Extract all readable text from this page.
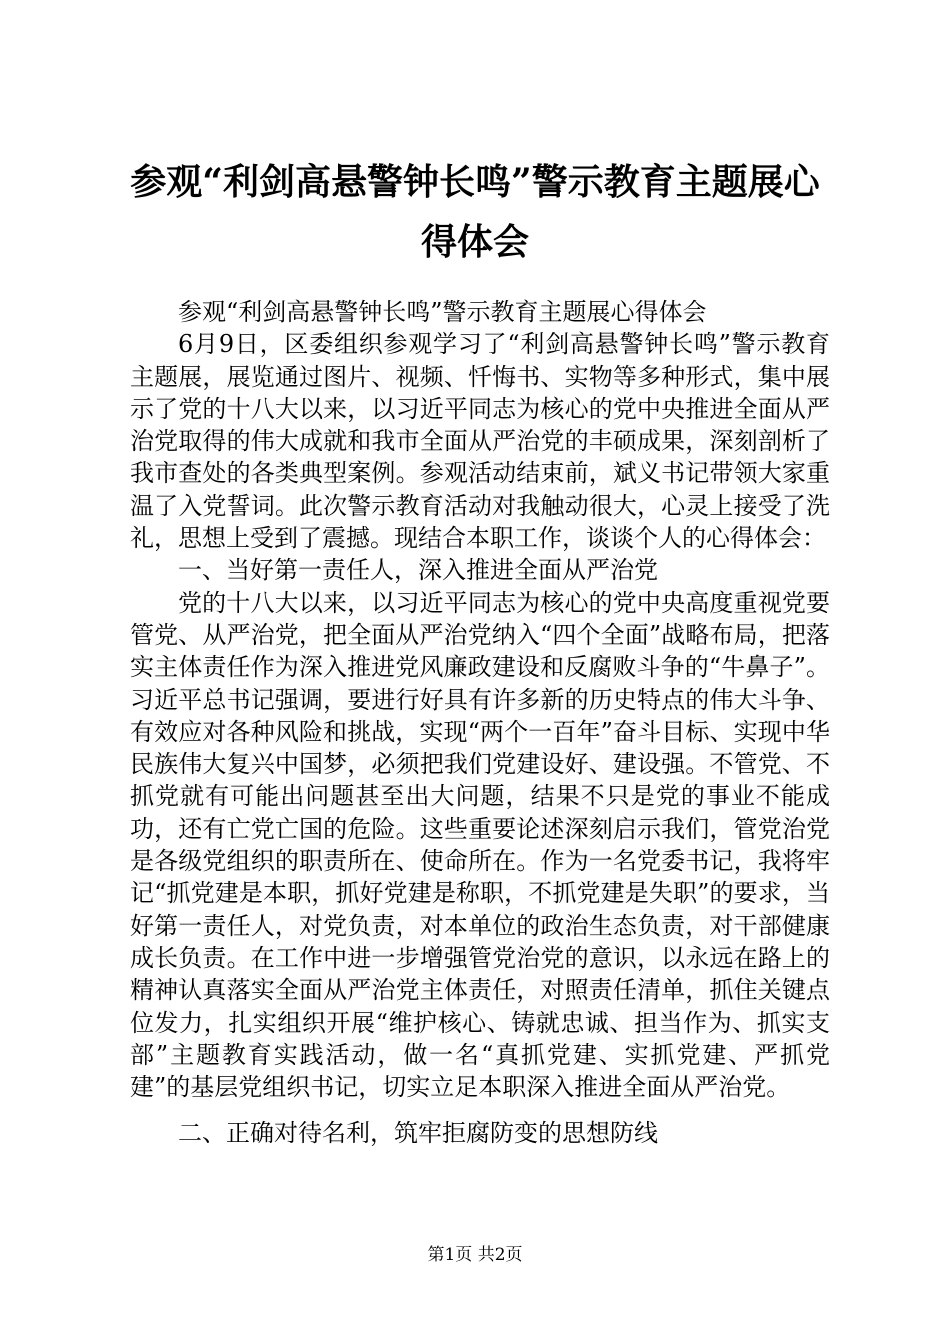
参观“利剑高悬警钟长鸣”警示教育主题展心
得体会

参观“利剑高悬警钟长鸣”警示教育主题展心得体会

6月9日，区委组织参观学习了“利剑高悬警钟长鸣”警示教育主题展，展览通过图片、视频、忏悔书、实物等多种形式，集中展示了党的十八大以来，以习近平同志为核心的党中央推进全面从严治党取得的伟大成就和我市全面从严治党的丰硕成果，深刻剖析了我市查处的各类典型案例。参观活动结束前，斌义书记带领大家重温了入党誓词。此次警示教育活动对我触动很大，心灵上接受了洗礼，思想上受到了震撼。现结合本职工作，谈谈个人的心得体会：

一、当好第一责任人，深入推进全面从严治党

党的十八大以来，以习近平同志为核心的党中央高度重视党要管党、从严治党，把全面从严治党纳入“四个全面”战略布局，把落实主体责任作为深入推进党风廉政建设和反腐败斗争的“牛鼻子”。习近平总书记强调，要进行好具有许多新的历史特点的伟大斗争、有效应对各种风险和挑战，实现“两个一百年”奋斗目标、实现中华民族伟大复兴中国梦，必须把我们党建设好、建设强。不管党、不抓党就有可能出问题甚至出大问题，结果不只是党的事业不能成功，还有亡党亡国的危险。这些重要论述深刻启示我们，管党治党是各级党组织的职责所在、使命所在。作为一名党委书记，我将牢记“抓党建是本职，抓好党建是称职，不抓党建是失职”的要求，当好第一责任人，对党负责，对本单位的政治生态负责，对干部健康成长负责。在工作中进一步增强管党治党的意识，以永远在路上的精神认真落实全面从严治党主体责任，对照责任清单，抓住关键点位发力，扎实组织开展“维护核心、铸就忠诚、担当作为、抓实支部”主题教育实践活动，做一名“真抓党建、实抓党建、严抓党建”的基层党组织书记，切实立足本职深入推进全面从严治党。

二、正确对待名利，筑牢拒腐防变的思想防线

第1页 共2页
